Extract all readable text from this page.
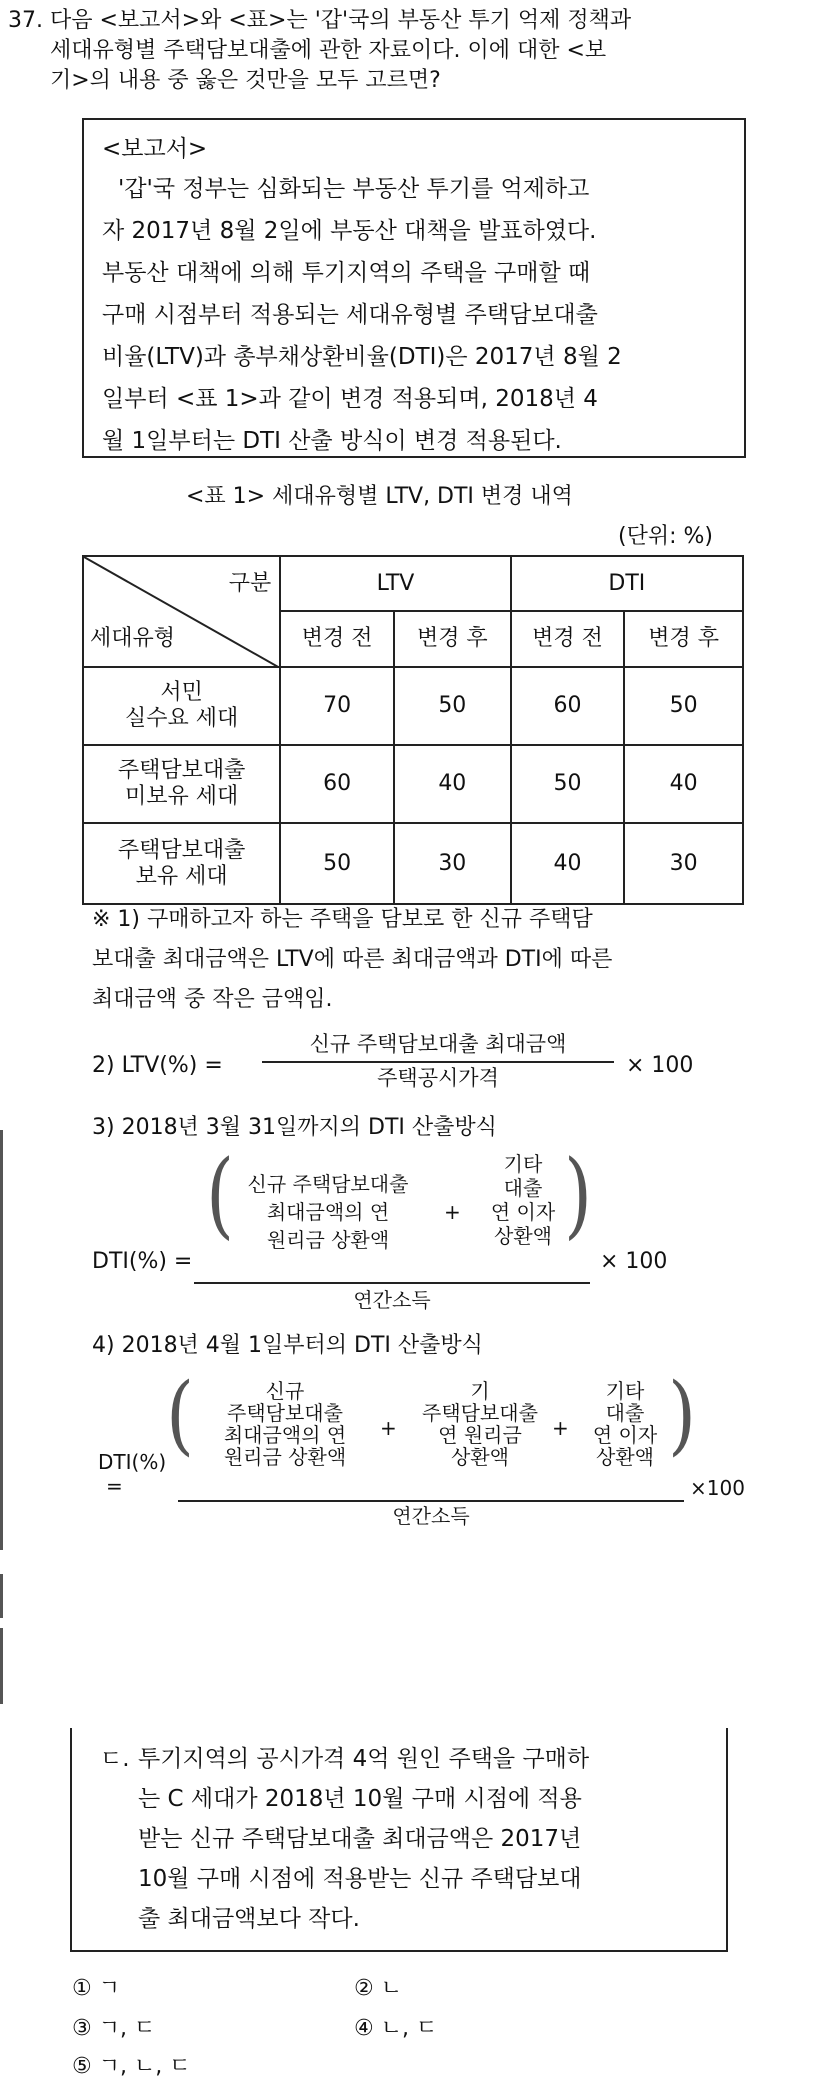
37. 다음 <보고서>와 <표>는 '갑'국의 부동산 투기 억제 정책과
세대유형별 주택담보대출에 관한 자료이다. 이에 대한 <보
기>의 내용 중 옳은 것만을 모두 고르면?
<보고서>
'갑'국 정부는 심화되는 부동산 투기를 억제하고
자 2017년 8월 2일에 부동산 대책을 발표하였다.
부동산 대책에 의해 투기지역의 주택을 구매할 때
구매 시점부터 적용되는 세대유형별 주택담보대출
비율(LTV)과 총부채상환비율(DTI)은 2017년 8월 2
일부터 <표 1>과 같이 변경 적용되며, 2018년 4
월 1일부터는 DTI 산출 방식이 변경 적용된다.
<표 1> 세대유형별 LTV, DTI 변경 내역
(단위: %)
구분
세대유형	LTV		DTI	
	변경 전	변경 후	변경 전	변경 후

서민
실수요 세대	70	50	60	50

주택담보대출
미보유 세대	60	40	50	40

주택담보대출
보유 세대	50	30	40	30
※ 1) 구매하고자 하는 주택을 담보로 한 신규 주택담
보대출 최대금액은 LTV에 따른 최대금액과 DTI에 따른
최대금액 중 작은 금액임.
2) LTV(%) =
신규 주택담보대출 최대금액
주택공시가격	× 100
3) 2018년 3월 31일까지의 DTI 산출방식
( 신규 주택담보대출
최대금액의 연
원리금 상환액
+
기타
대출
연 이자
상환액 )
DTI(%) =
연간소득
× 100
4) 2018년 4월 1일부터의 DTI 산출방식
(	신규
주택담보대출
최대금액의 연
원리금 상환액
+
기
주택담보대출
연 원리금
상환액
+
기타
대출
연 이자
상환액 )
DTI(%)
=
연간소득
×100
ㄷ. 투기지역의 공시가격 4억 원인 주택을 구매하
는 C 세대가 2018년 10월 구매 시점에 적용
받는 신규 주택담보대출 최대금액은 2017년
10월 구매 시점에 적용받는 신규 주택담보대
출 최대금액보다 작다.
① ㄱ	② ㄴ
③ ㄱ, ㄷ	④ ㄴ, ㄷ
⑤ ㄱ, ㄴ, ㄷ
